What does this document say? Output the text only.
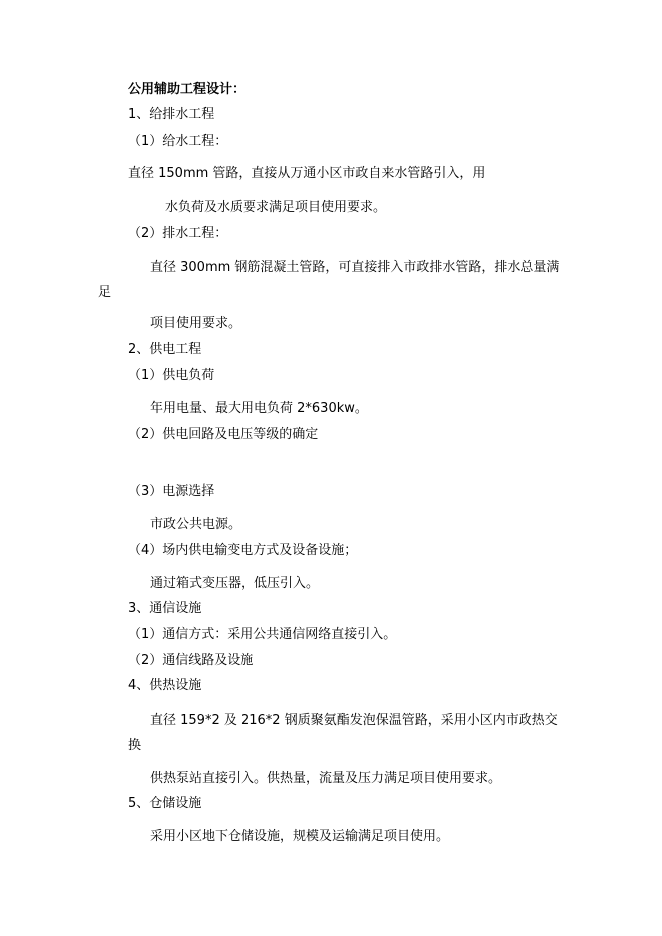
公用辅助工程设计：
1、给排水工程
（1）给水工程：
直径 150mm 管路，直接从万通小区市政自来水管路引入，用
水负荷及水质要求满足项目使用要求。
（2）排水工程：
直径 300mm 钢筋混凝土管路，可直接排入市政排水管路，排水总量满
足
项目使用要求。
2、供电工程
（1）供电负荷
年用电量、最大用电负荷 2*630kw。
（2）供电回路及电压等级的确定
（3）电源选择
市政公共电源。
（4）场内供电输变电方式及设备设施；
通过箱式变压器，低压引入。
3、通信设施
（1）通信方式：采用公共通信网络直接引入。
（2）通信线路及设施
4、供热设施
直径 159*2 及 216*2 钢质聚氨酯发泡保温管路，采用小区内市政热交
换
供热泵站直接引入。供热量，流量及压力满足项目使用要求。
5、仓储设施
采用小区地下仓储设施，规模及运输满足项目使用。
